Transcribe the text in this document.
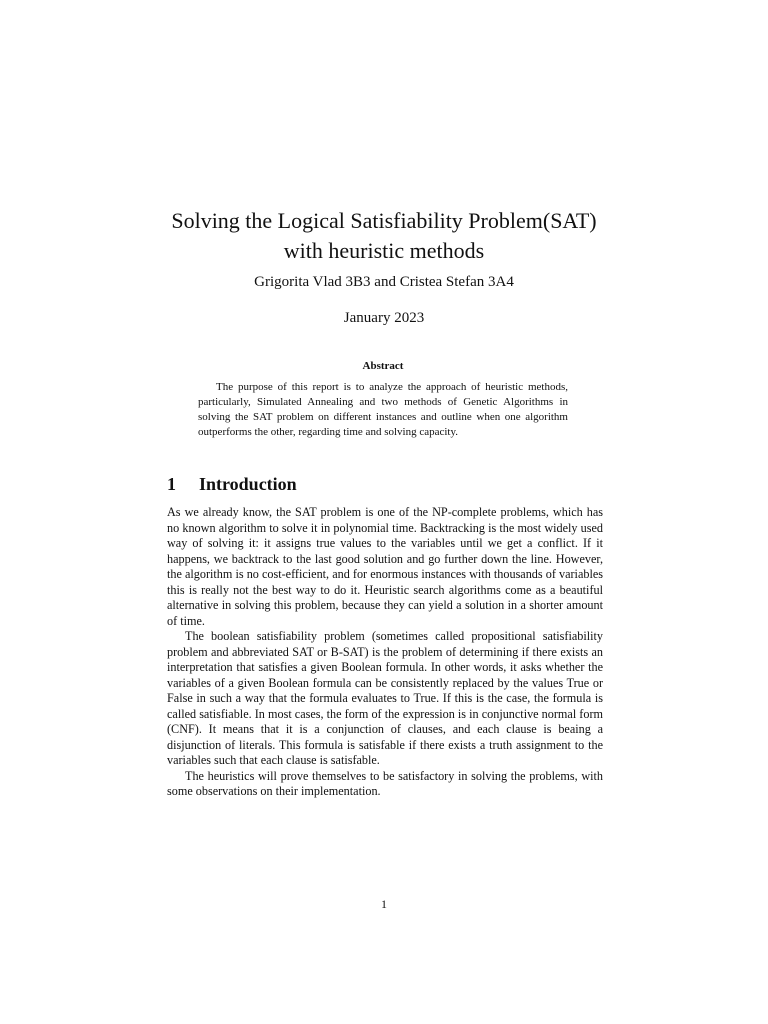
Solving the Logical Satisfiability Problem(SAT)
with heuristic methods
Grigorita Vlad 3B3 and Cristea Stefan 3A4
January 2023
Abstract

The purpose of this report is to analyze the approach of heuristic methods, particularly, Simulated Annealing and two methods of Genetic Algorithms in solving the SAT problem on different instances and outline when one algorithm outperforms the other, regarding time and solving capacity.

1 Introduction

As we already know, the SAT problem is one of the NP-complete problems, which has no known algorithm to solve it in polynomial time. Backtracking is the most widely used way of solving it: it assigns true values to the variables until we get a conflict. If it happens, we backtrack to the last good solution and go further down the line. However, the algorithm is no cost-efficient, and for enormous instances with thousands of variables this is really not the best way to do it. Heuristic search algorithms come as a beautiful alternative in solving this problem, because they can yield a solution in a shorter amount of time.

The boolean satisfiability problem (sometimes called propositional satisfiability problem and abbreviated SAT or B-SAT) is the problem of determining if there exists an interpretation that satisfies a given Boolean formula. In other words, it asks whether the variables of a given Boolean formula can be consistently replaced by the values True or False in such a way that the formula evaluates to True. If this is the case, the formula is called satisfiable. In most cases, the form of the expression is in conjunctive normal form (CNF). It means that it is a conjunction of clauses, and each clause is beaing a disjunction of literals. This formula is satisfable if there exists a truth assignment to the variables such that each clause is satisfable.

The heuristics will prove themselves to be satisfactory in solving the problems, with some observations on their implementation.

1
